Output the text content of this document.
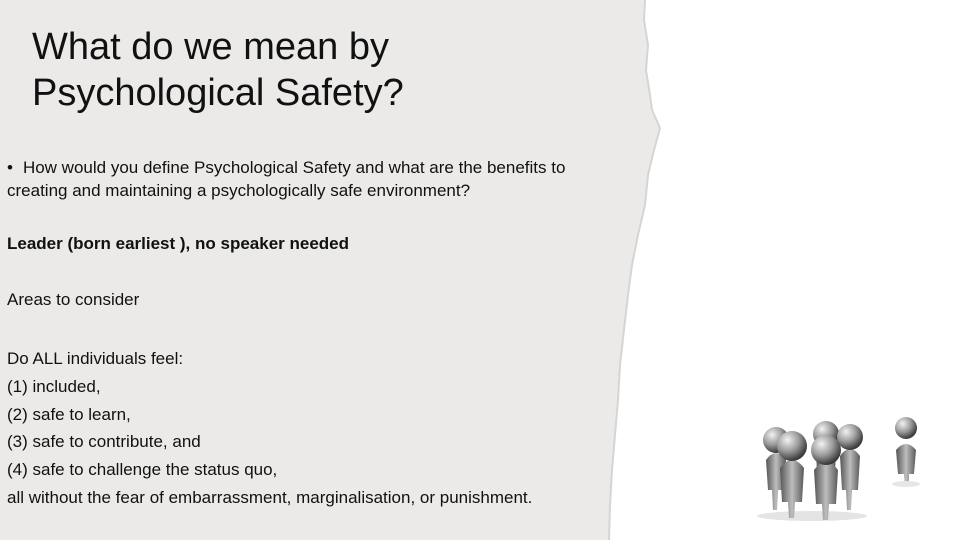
What do we mean by
Psychological Safety?
• How would you define Psychological Safety and what are the benefits to
creating and maintaining a psychologically safe environment?
Leader (born earliest ), no speaker needed
Areas to consider
Do ALL individuals feel:
(1) included,
(2) safe to learn,
(3) safe to contribute, and
(4) safe to challenge the status quo,
all without the fear of embarrassment, marginalisation, or punishment.
